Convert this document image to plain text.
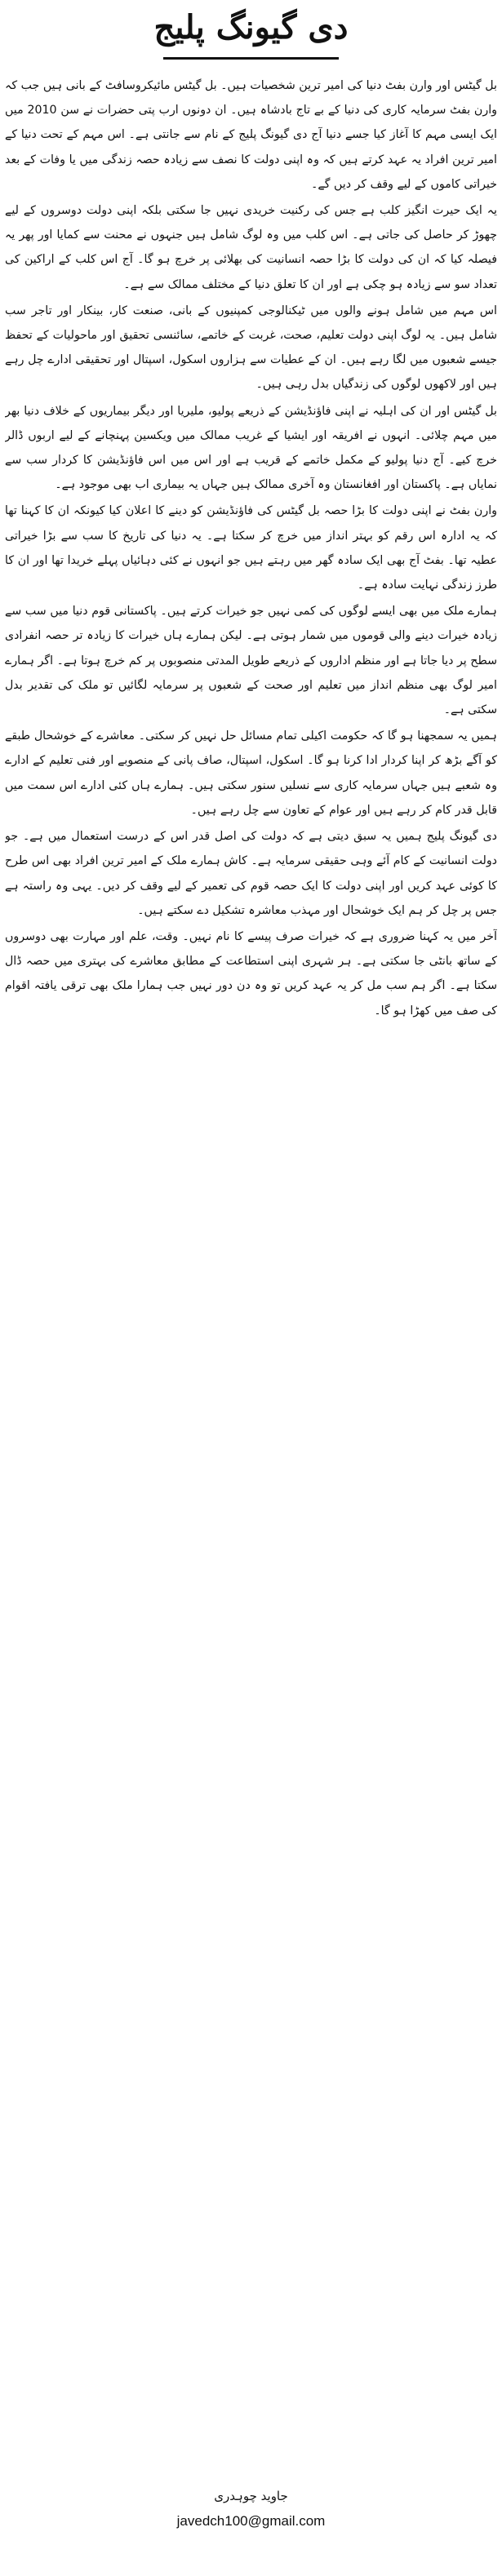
دی گیونگ پلیج

بل گیٹس اور وارن بفٹ دنیا کی امیر ترین شخصیات ہیں۔ بل گیٹس مائیکروسافٹ کے بانی ہیں جب کہ وارن بفٹ سرمایہ کاری کی دنیا کے بے تاج بادشاہ ہیں۔ ان دونوں ارب پتی حضرات نے سن 2010 میں ایک ایسی مہم کا آغاز کیا جسے دنیا آج دی گیونگ پلیج کے نام سے جانتی ہے۔ اس مہم کے تحت دنیا کے امیر ترین افراد یہ عہد کرتے ہیں کہ وہ اپنی دولت کا نصف سے زیادہ حصہ زندگی میں یا وفات کے بعد خیراتی کاموں کے لیے وقف کر دیں گے۔

یہ ایک حیرت انگیز کلب ہے جس کی رکنیت خریدی نہیں جا سکتی بلکہ اپنی دولت دوسروں کے لیے چھوڑ کر حاصل کی جاتی ہے۔ اس کلب میں وہ لوگ شامل ہیں جنہوں نے محنت سے کمایا اور پھر یہ فیصلہ کیا کہ ان کی دولت کا بڑا حصہ انسانیت کی بھلائی پر خرچ ہو گا۔ آج اس کلب کے اراکین کی تعداد سو سے زیادہ ہو چکی ہے اور ان کا تعلق دنیا کے مختلف ممالک سے ہے۔

اس مہم میں شامل ہونے والوں میں ٹیکنالوجی کمپنیوں کے بانی، صنعت کار، بینکار اور تاجر سب شامل ہیں۔ یہ لوگ اپنی دولت تعلیم، صحت، غربت کے خاتمے، سائنسی تحقیق اور ماحولیات کے تحفظ جیسے شعبوں میں لگا رہے ہیں۔ ان کے عطیات سے ہزاروں اسکول، اسپتال اور تحقیقی ادارے چل رہے ہیں اور لاکھوں لوگوں کی زندگیاں بدل رہی ہیں۔

بل گیٹس اور ان کی اہلیہ نے اپنی فاؤنڈیشن کے ذریعے پولیو، ملیریا اور دیگر بیماریوں کے خلاف دنیا بھر میں مہم چلائی۔ انہوں نے افریقہ اور ایشیا کے غریب ممالک میں ویکسین پہنچانے کے لیے اربوں ڈالر خرچ کیے۔ آج دنیا پولیو کے مکمل خاتمے کے قریب ہے اور اس میں اس فاؤنڈیشن کا کردار سب سے نمایاں ہے۔ پاکستان اور افغانستان وہ آخری ممالک ہیں جہاں یہ بیماری اب بھی موجود ہے۔

وارن بفٹ نے اپنی دولت کا بڑا حصہ بل گیٹس کی فاؤنڈیشن کو دینے کا اعلان کیا کیونکہ ان کا کہنا تھا کہ یہ ادارہ اس رقم کو بہتر انداز میں خرچ کر سکتا ہے۔ یہ دنیا کی تاریخ کا سب سے بڑا خیراتی عطیہ تھا۔ بفٹ آج بھی ایک سادہ گھر میں رہتے ہیں جو انہوں نے کئی دہائیاں پہلے خریدا تھا اور ان کا طرز زندگی نہایت سادہ ہے۔

ہمارے ملک میں بھی ایسے لوگوں کی کمی نہیں جو خیرات کرتے ہیں۔ پاکستانی قوم دنیا میں سب سے زیادہ خیرات دینے والی قوموں میں شمار ہوتی ہے۔ لیکن ہمارے ہاں خیرات کا زیادہ تر حصہ انفرادی سطح پر دیا جاتا ہے اور منظم اداروں کے ذریعے طویل المدتی منصوبوں پر کم خرچ ہوتا ہے۔ اگر ہمارے امیر لوگ بھی منظم انداز میں تعلیم اور صحت کے شعبوں پر سرمایہ لگائیں تو ملک کی تقدیر بدل سکتی ہے۔

ہمیں یہ سمجھنا ہو گا کہ حکومت اکیلی تمام مسائل حل نہیں کر سکتی۔ معاشرے کے خوشحال طبقے کو آگے بڑھ کر اپنا کردار ادا کرنا ہو گا۔ اسکول، اسپتال، صاف پانی کے منصوبے اور فنی تعلیم کے ادارے وہ شعبے ہیں جہاں سرمایہ کاری سے نسلیں سنور سکتی ہیں۔ ہمارے ہاں کئی ادارے اس سمت میں قابل قدر کام کر رہے ہیں اور عوام کے تعاون سے چل رہے ہیں۔

دی گیونگ پلیج ہمیں یہ سبق دیتی ہے کہ دولت کی اصل قدر اس کے درست استعمال میں ہے۔ جو دولت انسانیت کے کام آئے وہی حقیقی سرمایہ ہے۔ کاش ہمارے ملک کے امیر ترین افراد بھی اس طرح کا کوئی عہد کریں اور اپنی دولت کا ایک حصہ قوم کی تعمیر کے لیے وقف کر دیں۔ یہی وہ راستہ ہے جس پر چل کر ہم ایک خوشحال اور مہذب معاشرہ تشکیل دے سکتے ہیں۔

آخر میں یہ کہنا ضروری ہے کہ خیرات صرف پیسے کا نام نہیں۔ وقت، علم اور مہارت بھی دوسروں کے ساتھ بانٹی جا سکتی ہے۔ ہر شہری اپنی استطاعت کے مطابق معاشرے کی بہتری میں حصہ ڈال سکتا ہے۔ اگر ہم سب مل کر یہ عہد کریں تو وہ دن دور نہیں جب ہمارا ملک بھی ترقی یافتہ اقوام کی صف میں کھڑا ہو گا۔

جاوید چوہدری
javedch100@gmail.com
